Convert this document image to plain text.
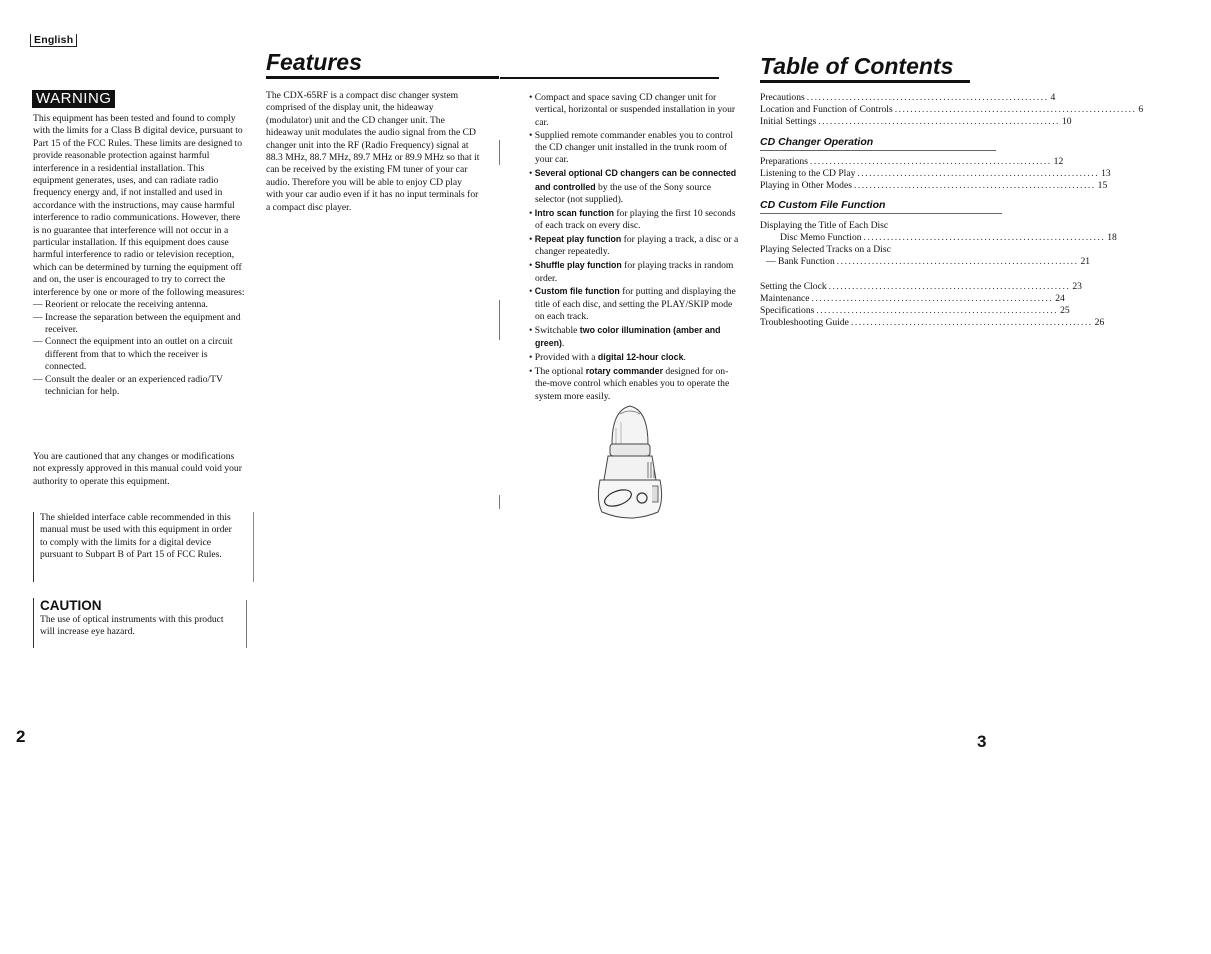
English
WARNING
This equipment has been tested and found to comply with the limits for a Class B digital device, pursuant to Part 15 of the FCC Rules. These limits are designed to provide reasonable protection against harmful interference in a residential installation. This equipment generates, uses, and can radiate radio frequency energy and, if not installed and used in accordance with the instructions, may cause harmful interference to radio communications. However, there is no guarantee that interference will not occur in a particular installation. If this equipment does cause harmful interference to radio or television reception, which can be determined by turning the equipment off and on, the user is encouraged to try to correct the interference by one or more of the following measures:
— Reorient or relocate the receiving antenna.
— Increase the separation between the equipment and receiver.
— Connect the equipment into an outlet on a circuit different from that to which the receiver is connected.
— Consult the dealer or an experienced radio/TV technician for help.
You are cautioned that any changes or modifications not expressly approved in this manual could void your authority to operate this equipment.
The shielded interface cable recommended in this manual must be used with this equipment in order to comply with the limits for a digital device pursuant to Subpart B of Part 15 of FCC Rules.
CAUTION
The use of optical instruments with this product will increase eye hazard.
2
Features
The CDX-65RF is a compact disc changer system comprised of the display unit, the hideaway (modulator) unit and the CD changer unit. The hideaway unit modulates the audio signal from the CD changer unit into the RF (Radio Frequency) signal at 88.3 MHz, 88.7 MHz, 89.7 MHz or 89.9 MHz so that it can be received by the existing FM tuner of your car audio. Therefore you will be able to enjoy CD play with your car audio even if it has no input terminals for a compact disc player.
• Compact and space saving CD changer unit for vertical, horizontal or suspended installation in your car.
• Supplied remote commander enables you to control the CD changer unit installed in the trunk room of your car.
• Several optional CD changers can be connected and controlled by the use of the Sony source selector (not supplied).
• Intro scan function for playing the first 10 seconds of each track on every disc.
• Repeat play function for playing a track, a disc or a changer repeatedly.
• Shuffle play function for playing tracks in random order.
• Custom file function for putting and displaying the title of each disc, and setting the PLAY/SKIP mode on each track.
• Switchable two color illumination (amber and green).
• Provided with a digital 12-hour clock.
• The optional rotary commander designed for on-the-move control which enables you to operate the system more easily.
Table of Contents
Precautions .............................................................. 4
Location and Function of Controls .............................................................. 6
Initial Settings .............................................................. 10
CD Changer Operation
Preparations .............................................................. 12
Listening to the CD Play .............................................................. 13
Playing in Other Modes .............................................................. 15
CD Custom File Function
Displaying the Title of Each Disc
Disc Memo Function .............................................................. 18
Playing Selected Tracks on a Disc
— Bank Function .............................................................. 21
Setting the Clock .............................................................. 23
Maintenance .............................................................. 24
Specifications .............................................................. 25
Troubleshooting Guide .............................................................. 26
3
